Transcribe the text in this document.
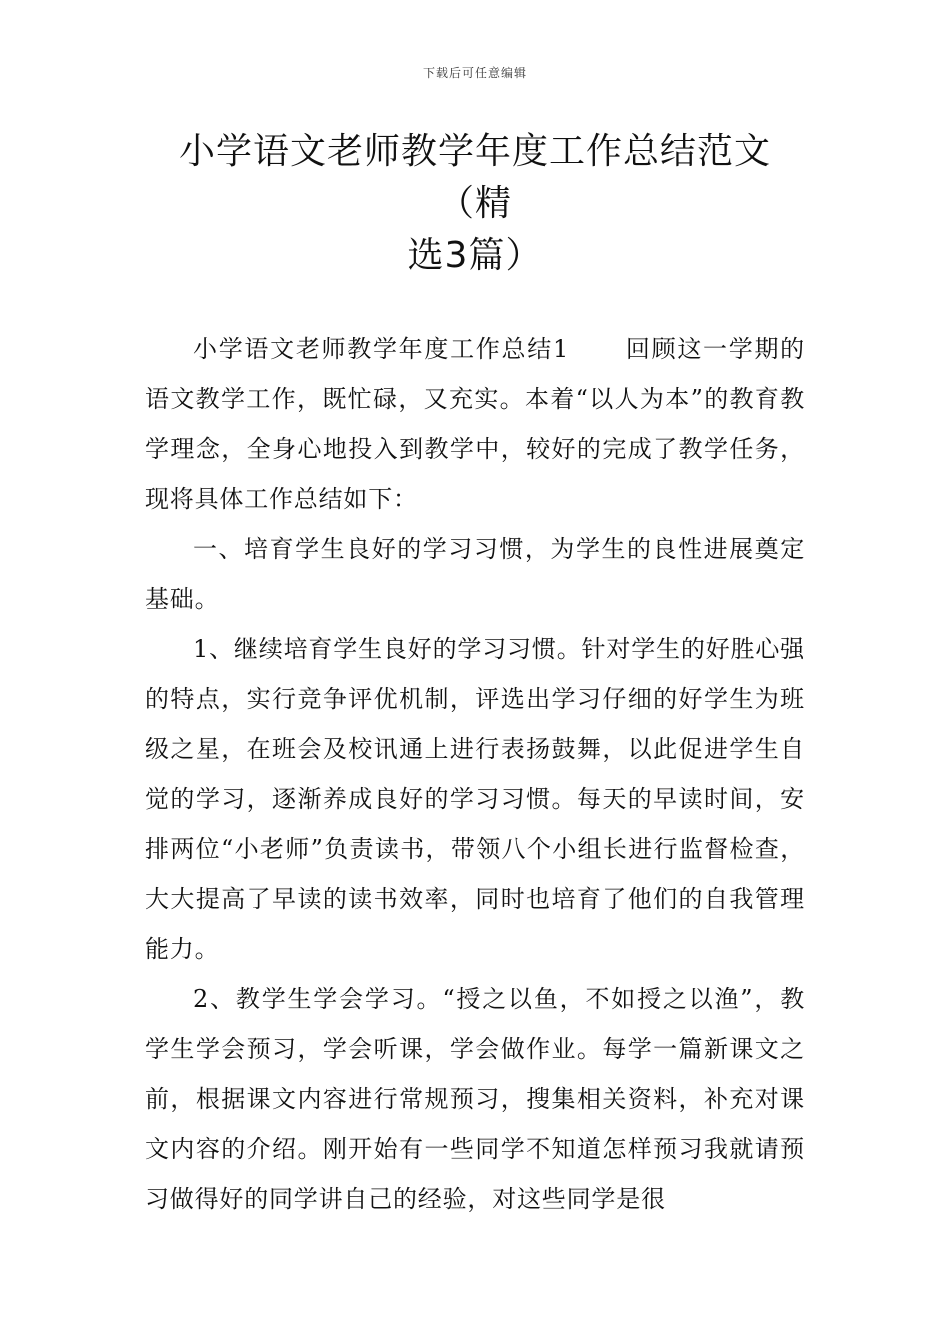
下载后可任意编辑
小学语文老师教学年度工作总结范文（精
选3篇）

小学语文老师教学年度工作总结1 回顾这一学期的语文教学工作，既忙碌，又充实。本着“以人为本”的教育教学理念，全身心地投入到教学中，较好的完成了教学任务，现将具体工作总结如下：

一、培育学生良好的学习习惯，为学生的良性进展奠定基础。

1、继续培育学生良好的学习习惯。针对学生的好胜心强的特点，实行竞争评优机制，评选出学习仔细的好学生为班级之星，在班会及校讯通上进行表扬鼓舞，以此促进学生自觉的学习，逐渐养成良好的学习习惯。每天的早读时间，安排两位“小老师”负责读书，带领八个小组长进行监督检查，大大提高了早读的读书效率，同时也培育了他们的自我管理能力。

2、教学生学会学习。“授之以鱼，不如授之以渔”，教学生学会预习，学会听课，学会做作业。每学一篇新课文之前，根据课文内容进行常规预习，搜集相关资料，补充对课文内容的介绍。刚开始有一些同学不知道怎样预习我就请预习做得好的同学讲自己的经验，对这些同学是很
